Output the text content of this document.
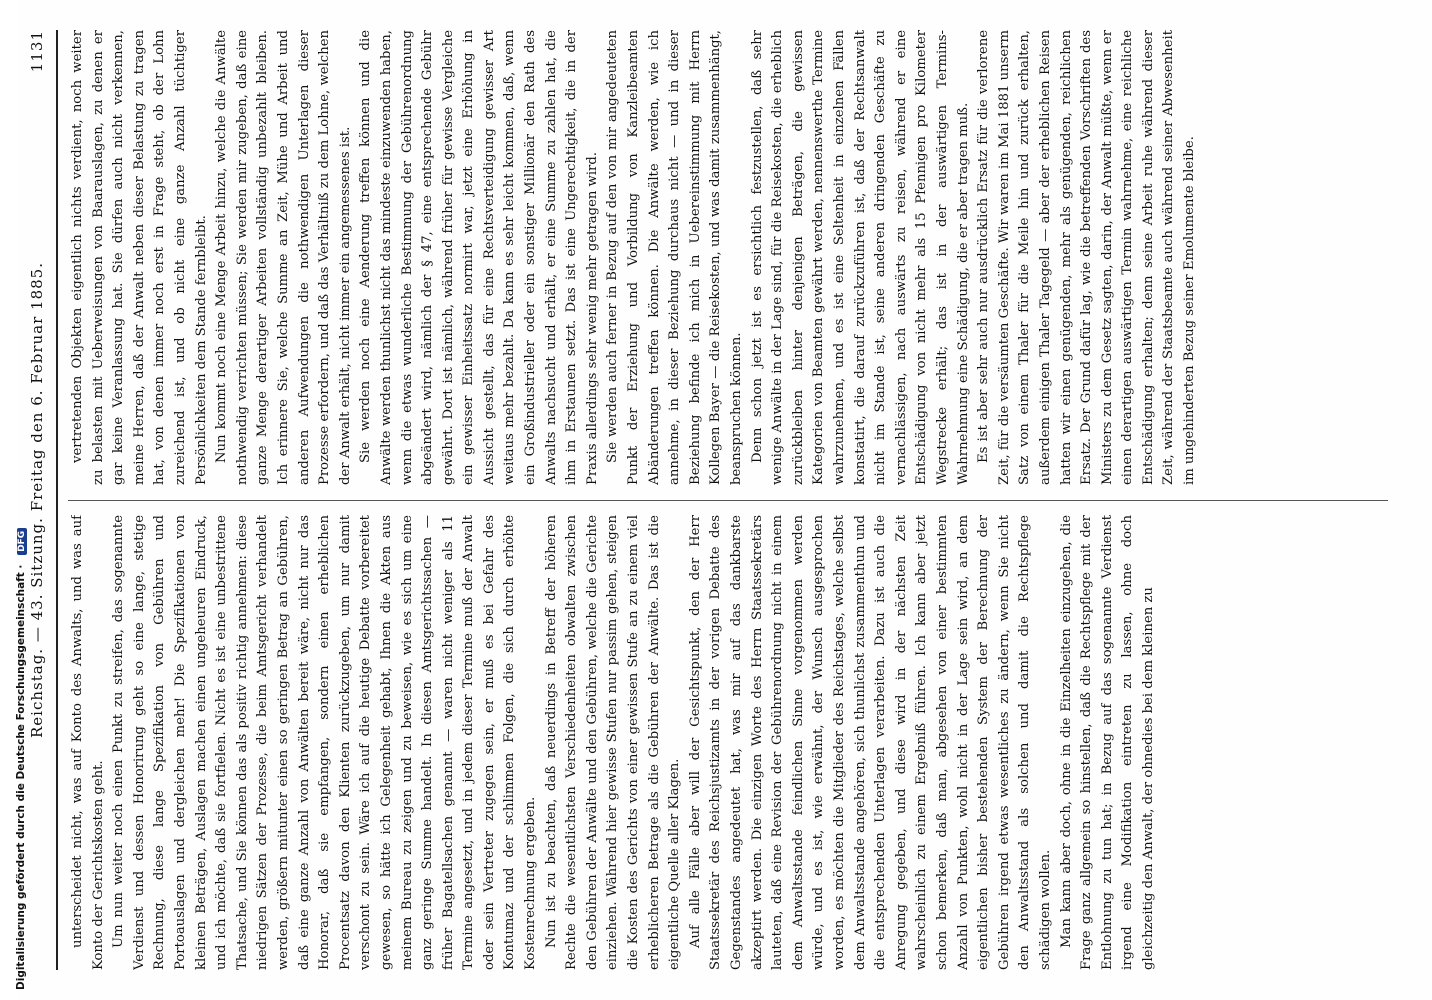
Reichstag. — 43. Sitzung. Freitag den 6. Februar 1885.
1131

unterscheidet nicht, was auf Konto des Anwalts, und was auf Konto der Gerichtskosten geht. Um nun weiter noch einen Punkt zu streifen, das sogenannte Verdienst und dessen Honorirung geht so eine lange, stetige Rechnung, diese lange Spezifikation von Gebühren und Portoauslagen und dergleichen mehr! Die Spezifikationen von kleinen Beträgen, Auslagen machen einen ungeheuren Eindruck, und ich möchte, daß sie fortfielen. Nicht es ist eine unbestrittene Thatsache, und Sie können das als positiv richtig annehmen: diese niedrigen Sätzen der Prozesse, die beim Amtsgericht verhandelt werden, größern mitunter einen so geringen Betrag an Gebühren, daß eine ganze Anzahl von Anwälten bereit wäre, nicht nur das Honorar, daß sie empfangen, sondern einen erheblichen Procentsatz davon den Klienten zurückzugeben, um nur damit verschont zu sein. Wäre ich auf die heutige Debatte vorbereitet gewesen, so hätte ich Gelegenheit gehabt, Ihnen die Akten aus meinem Bureau zu zeigen und zu beweisen, wie es sich um eine ganz geringe Summe handelt. In diesen Amtsgerichtssachen — früher Bagatellsachen genannt — waren nicht weniger als 11 Termine angesetzt, und in jedem dieser Termine muß der Anwalt oder sein Vertreter zugegen sein, er muß es bei Gefahr des Kontumaz und der schlimmen Folgen, die sich durch erhöhte Kostenrechnung ergeben. Nun ist zu beachten, daß neuerdings in Betreff der höheren Rechte die wesentlichsten Verschiedenheiten obwalten zwischen den Gebühren der Anwälte und den Gebühren, welche die Gerichte einziehen. Während hier gewisse Stufen nur passim gehen, steigen die Kosten des Gerichts von einer gewissen Stufe an zu einem viel erheblicheren Betrage als die Gebühren der Anwälte. Das ist die eigentliche Quelle aller Klagen. Auf alle Fälle aber will der Gesichtspunkt, den der Herr Staatssekretär des Reichsjustizamts in der vorigen Debatte des Gegenstandes angedeutet hat, was mir auf das dankbarste akzeptirt werden. Die einzigen Worte des Herrn Staatssekretärs lauteten, daß eine Revision der Gebührenordnung nicht in einem dem Anwaltsstande feindlichen Sinne vorgenommen werden würde, und es ist, wie erwähnt, der Wunsch ausgesprochen worden, es möchten die Mitglieder des Reichstages, welche selbst dem Anwaltsstande angehören, sich thunlichst zusammenthun und die entsprechenden Unterlagen verarbeiten. Dazu ist auch die Anregung gegeben, und diese wird in der nächsten Zeit wahrscheinlich zu einem Ergebniß führen. Ich kann aber jetzt schon bemerken, daß man, abgesehen von einer bestimmten Anzahl von Punkten, wohl nicht in der Lage sein wird, an dem eigentlichen bisher bestehenden System der Berechnung der Gebühren irgend etwas wesentliches zu ändern, wenn Sie nicht den Anwaltsstand als solchen und damit die Rechtspflege schädigen wollen. Man kann aber doch, ohne in die Einzelheiten einzugehen, die Frage ganz allgemein so hinstellen, daß die Rechtspflege mit der Entlohnung zu tun hat; in Bezug auf das sogenannte Verdienst irgend eine Modifikation eintreten zu lassen, ohne doch gleichzeitig den Anwalt, der ohnedies bei dem kleinen zu

vertretenden Objekten eigentlich nichts verdient, noch weiter zu belasten mit Ueberweisungen von Baarauslagen, zu denen er gar keine Veranlassung hat. Sie dürfen auch nicht verkennen, meine Herren, daß der Anwalt neben dieser Belastung zu tragen hat, von denen immer noch erst in Frage steht, ob der Lohn zureichend ist, und ob nicht eine ganze Anzahl tüchtiger Persönlichkeiten dem Stande fernbleibt. Nun kommt noch eine Menge Arbeit hinzu, welche die Anwälte nothwendig verrichten müssen; Sie werden mir zugeben, daß eine ganze Menge derartiger Arbeiten vollständig unbezahlt bleiben. Ich erinnere Sie, welche Summe an Zeit, Mühe und Arbeit und anderen Aufwendungen die nothwendigen Unterlagen dieser Prozesse erfordern, und daß das Verhältniß zu dem Lohne, welchen der Anwalt erhält, nicht immer ein angemessenes ist. Sie werden noch eine Aenderung treffen können und die Anwälte werden thunlichst nicht das mindeste einzuwenden haben, wenn die etwas wunderliche Bestimmung der Gebührenordnung abgeändert wird, nämlich der § 47, eine entsprechende Gebühr gewährt. Dort ist nämlich, während früher für gewisse Vergleiche ein gewisser Einheitssatz normirt war, jetzt eine Erhöhung in Aussicht gestellt, das für eine Rechtsverteidigung gewisser Art weitaus mehr bezahlt. Da kann es sehr leicht kommen, daß, wenn ein Großindustrieller oder ein sonstiger Millionär den Rath des Anwalts nachsucht und erhält, er eine Summe zu zahlen hat, die ihm in Erstaunen setzt. Das ist eine Ungerechtigkeit, die in der Praxis allerdings sehr wenig mehr getragen wird. Sie werden auch ferner in Bezug auf den von mir angedeuteten Punkt der Erziehung und Vorbildung von Kanzleibeamten Abänderungen treffen können. Die Anwälte werden, wie ich annehme, in dieser Beziehung durchaus nicht — und in dieser Beziehung befinde ich mich in Uebereinstimmung mit Herrn Kollegen Bayer — die Reisekosten, und was damit zusammenhängt, beanspruchen können. Denn schon jetzt ist es ersichtlich festzustellen, daß sehr wenige Anwälte in der Lage sind, für die Reisekosten, die erheblich zurückbleiben hinter denjenigen Beträgen, die gewissen Kategorien von Beamten gewährt werden, nennenswerthe Termine wahrzunehmen, und es ist eine Seltenheit in einzelnen Fällen konstatirt, die darauf zurückzuführen ist, daß der Rechtsanwalt nicht im Stande ist, seine anderen dringenden Geschäfte zu vernachlässigen, nach auswärts zu reisen, während er eine Entschädigung von nicht mehr als 15 Pfennigen pro Kilometer Wegstrecke erhält; das ist in der auswärtigen Termins-Wahrnehmung eine Schädigung, die er aber tragen muß. Es ist aber sehr auch nur ausdrücklich Ersatz für die verlorene Zeit, für die versäumten Geschäfte. Wir waren im Mai 1881 unserm Satz von einem Thaler für die Meile hin und zurück erhalten, außerdem einigen Thaler Tagegeld — aber der erheblichen Reisen hatten wir einen genügenden, mehr als genügenden, reichlichen Ersatz. Der Grund dafür lag, wie die betreffenden Vorschriften des Ministers zu dem Gesetz sagten, darin, der Anwalt müßte, wenn er einen derartigen auswärtigen Termin wahrnehme, eine reichliche Entschädigung erhalten; denn seine Arbeit ruhe während dieser Zeit, während der Staatsbeamte auch während seiner Abwesenheit im ungehinderten Bezug seiner Emolumente bleibe.

Digitalisierung gefördert durch die Deutsche Forschungsgemeinschaft · DFG
